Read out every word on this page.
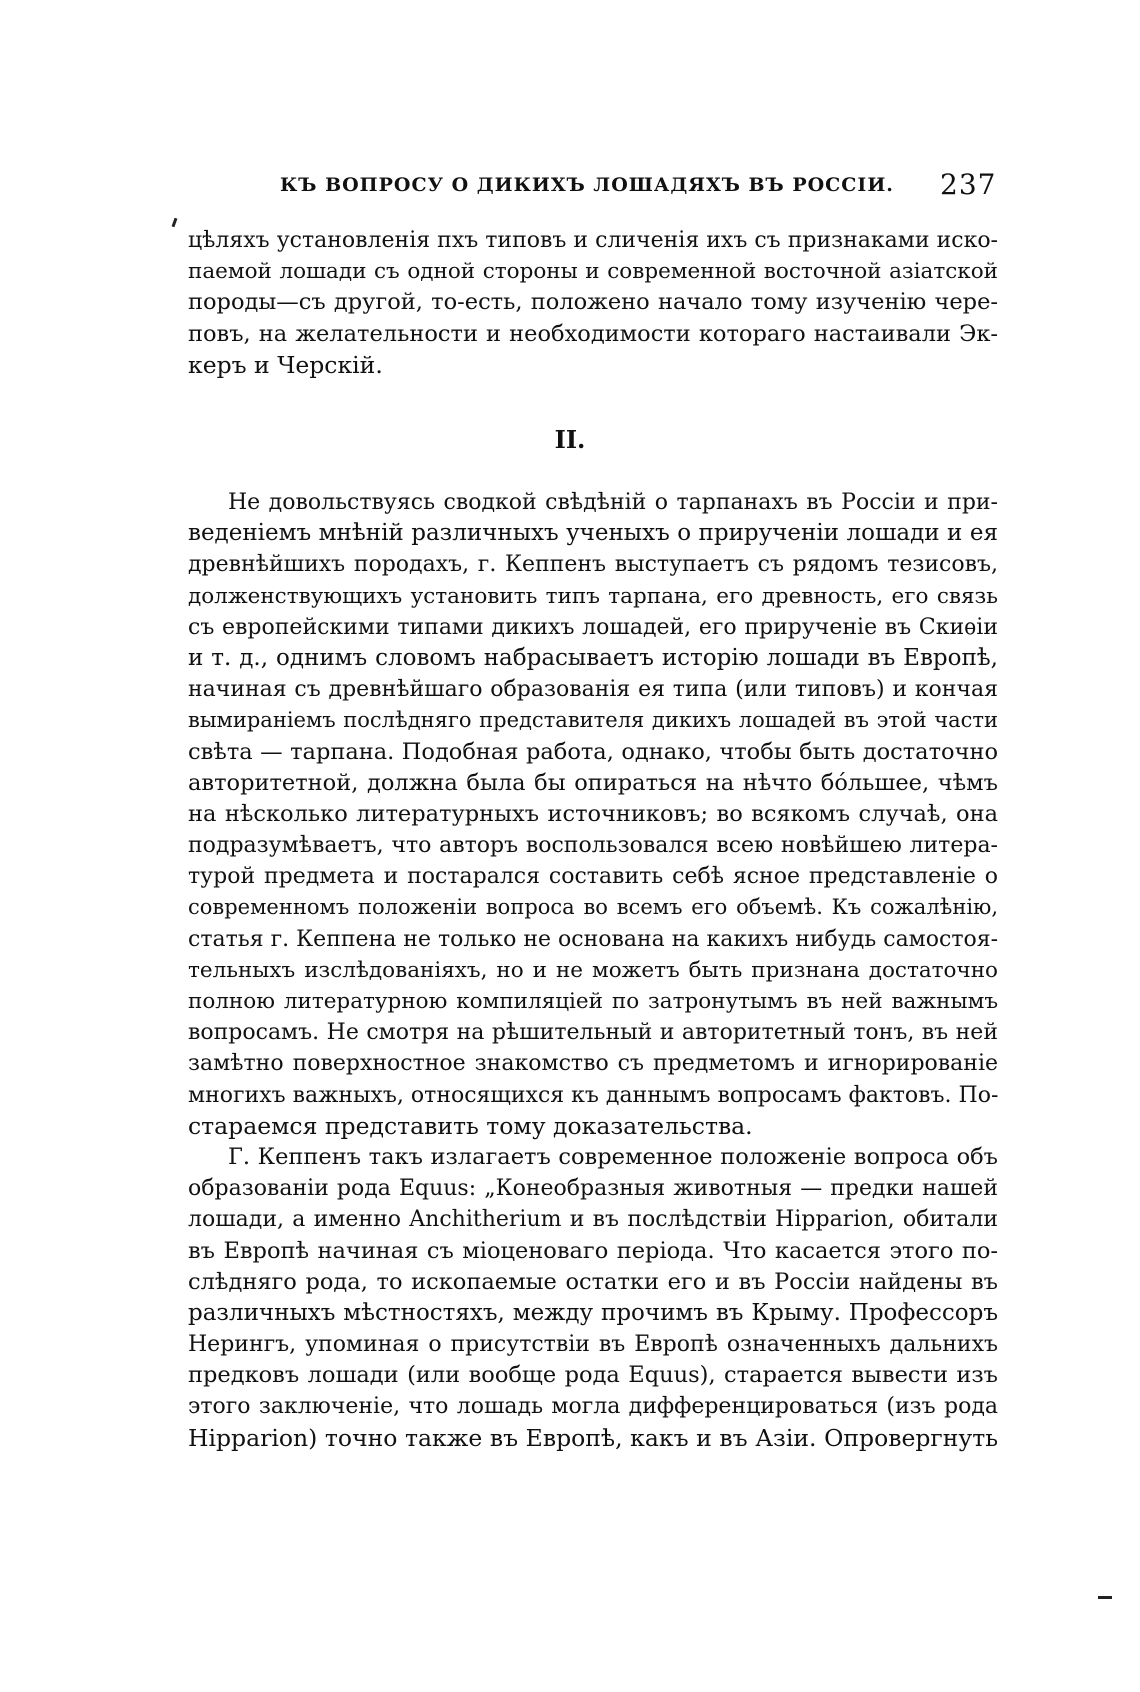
КЪ ВОПРОСУ О ДИКИХЪ ЛОШАДЯХЪ ВЪ РОССІИ. 237
цѣляхъ установленія пхъ типовъ и сличенія ихъ съ признаками иско-
паемой лошади съ одной стороны и современной восточной азіатской
породы—съ другой, то-есть, положено начало тому изученію чере-
повъ, на желательности и необходимости котораго настаивали Эк-
керъ и Черскій.
II.
Не довольствуясь сводкой свѣдѣній о тарпанахъ въ Россіи и при-
веденіемъ мнѣній различныхъ ученыхъ о прирученіи лошади и ея
древнѣйшихъ породахъ, г. Кеппенъ выступаетъ съ рядомъ тезисовъ,
долженствующихъ установить типъ тарпана, его древность, его связь
съ европейскими типами дикихъ лошадей, его прирученіе въ Скиѳіи
и т. д., однимъ словомъ набрасываетъ исторію лошади въ Европѣ,
начиная съ древнѣйшаго образованія ея типа (или типовъ) и кончая
вымираніемъ послѣдняго представителя дикихъ лошадей въ этой части
свѣта — тарпана. Подобная работа, однако, чтобы быть достаточно
авторитетной, должна была бы опираться на нѣчто бóльшее, чѣмъ
на нѣсколько литературныхъ источниковъ; во всякомъ случаѣ, она
подразумѣваетъ, что авторъ воспользовался всею новѣйшею литера-
турой предмета и постарался составить себѣ ясное представленіе о
современномъ положеніи вопроса во всемъ его объемѣ. Къ сожалѣнію,
статья г. Кеппена не только не основана на какихъ нибудь самостоя-
тельныхъ изслѣдованіяхъ, но и не можетъ быть признана достаточно
полною литературною компиляціей по затронутымъ въ ней важнымъ
вопросамъ. Не смотря на рѣшительный и авторитетный тонъ, въ ней
замѣтно поверхностное знакомство съ предметомъ и игнорированіе
многихъ важныхъ, относящихся къ даннымъ вопросамъ фактовъ. По-
стараемся представить тому доказательства.
Г. Кеппенъ такъ излагаетъ современное положеніе вопроса объ
образованіи рода Equus: „Конеобразныя животныя — предки нашей
лошади, а именно Anchitherium и въ послѣдствіи Hipparion, обитали
въ Европѣ начиная съ міоценоваго періода. Что касается этого по-
слѣдняго рода, то ископаемые остатки его и въ Россіи найдены въ
различныхъ мѣстностяхъ, между прочимъ въ Крыму. Профессоръ
Нерингъ, упоминая о присутствіи въ Европѣ означенныхъ дальнихъ
предковъ лошади (или вообще рода Equus), старается вывести изъ
этого заключеніе, что лошадь могла дифференцироваться (изъ рода
Hipparion) точно также въ Европѣ, какъ и въ Азіи. Опровергнуть
